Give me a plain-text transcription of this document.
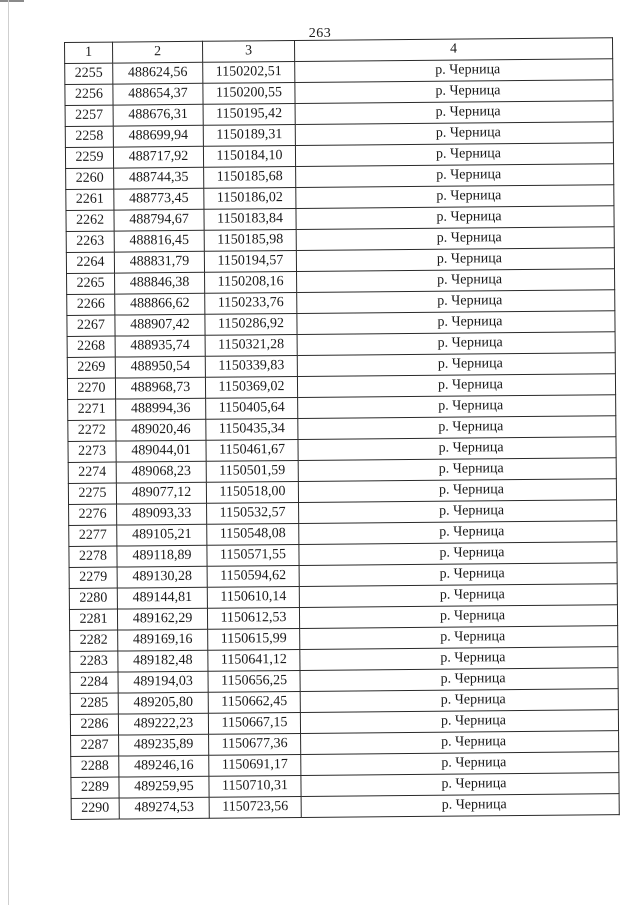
263
1	2	3	4
2255	488624,56	1150202,51	р. Черница
2256	488654,37	1150200,55	р. Черница
2257	488676,31	1150195,42	р. Черница
2258	488699,94	1150189,31	р. Черница
2259	488717,92	1150184,10	р. Черница
2260	488744,35	1150185,68	р. Черница
2261	488773,45	1150186,02	р. Черница
2262	488794,67	1150183,84	р. Черница
2263	488816,45	1150185,98	р. Черница
2264	488831,79	1150194,57	р. Черница
2265	488846,38	1150208,16	р. Черница
2266	488866,62	1150233,76	р. Черница
2267	488907,42	1150286,92	р. Черница
2268	488935,74	1150321,28	р. Черница
2269	488950,54	1150339,83	р. Черница
2270	488968,73	1150369,02	р. Черница
2271	488994,36	1150405,64	р. Черница
2272	489020,46	1150435,34	р. Черница
2273	489044,01	1150461,67	р. Черница
2274	489068,23	1150501,59	р. Черница
2275	489077,12	1150518,00	р. Черница
2276	489093,33	1150532,57	р. Черница
2277	489105,21	1150548,08	р. Черница
2278	489118,89	1150571,55	р. Черница
2279	489130,28	1150594,62	р. Черница
2280	489144,81	1150610,14	р. Черница
2281	489162,29	1150612,53	р. Черница
2282	489169,16	1150615,99	р. Черница
2283	489182,48	1150641,12	р. Черница
2284	489194,03	1150656,25	р. Черница
2285	489205,80	1150662,45	р. Черница
2286	489222,23	1150667,15	р. Черница
2287	489235,89	1150677,36	р. Черница
2288	489246,16	1150691,17	р. Черница
2289	489259,95	1150710,31	р. Черница
2290	489274,53	1150723,56	р. Черница
